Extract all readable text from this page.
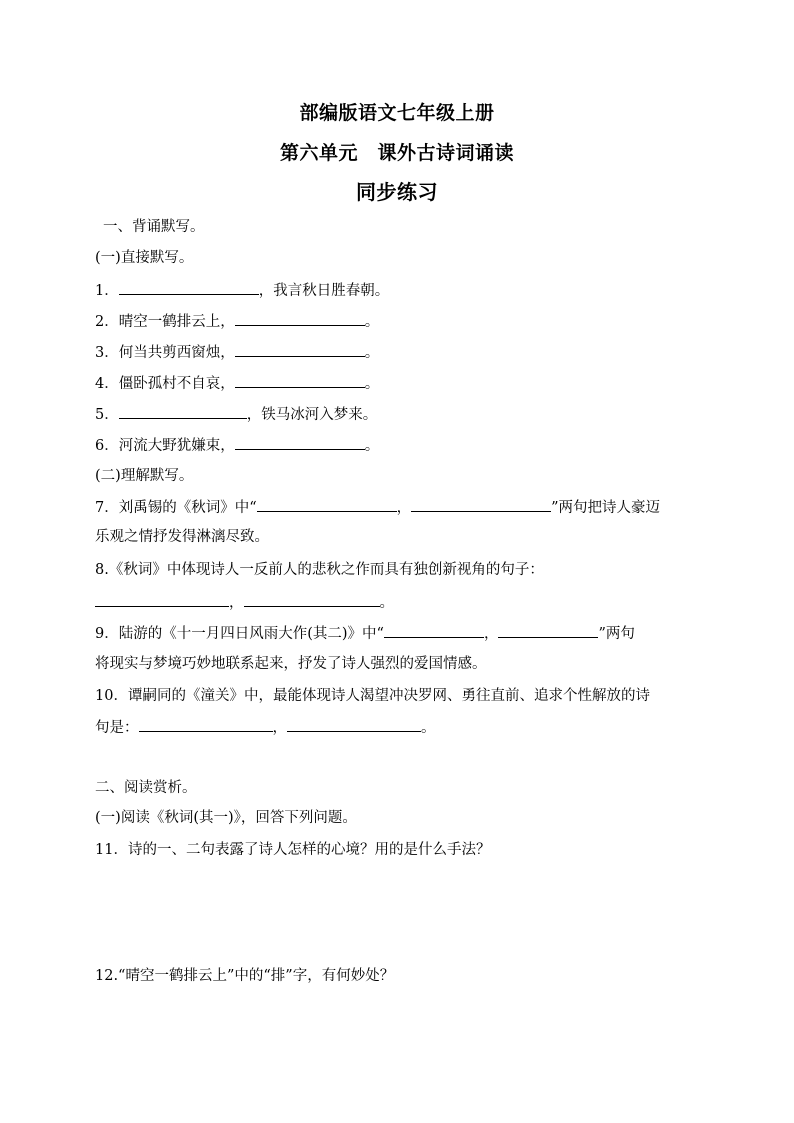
部编版语文七年级上册
第六单元　课外古诗词诵读
同步练习
一、背诵默写。
(一)直接默写。
1．	，我言秋日胜春朝。
2．晴空一鹤排云上，	。
3．何当共剪西窗烛，	。
4．僵卧孤村不自哀，	。
5．	，铁马冰河入梦来。
6．河流大野犹嫌束，	。
(二)理解默写。
7．刘禹锡的《秋词》中“	，	”两句把诗人豪迈
乐观之情抒发得淋漓尽致。
8.《秋词》中体现诗人一反前人的悲秋之作而具有独创新视角的句子：
，	。
9．陆游的《十一月四日风雨大作(其二)》中“	，	”两句
将现实与梦境巧妙地联系起来，抒发了诗人强烈的爱国情感。
10．谭嗣同的《潼关》中，最能体现诗人渴望冲决罗网、勇往直前、追求个性解放的诗
句是：	，	。
二、阅读赏析。
(一)阅读《秋词(其一)》，回答下列问题。
11．诗的一、二句表露了诗人怎样的心境？用的是什么手法？
12.“晴空一鹤排云上”中的“排”字，有何妙处？
